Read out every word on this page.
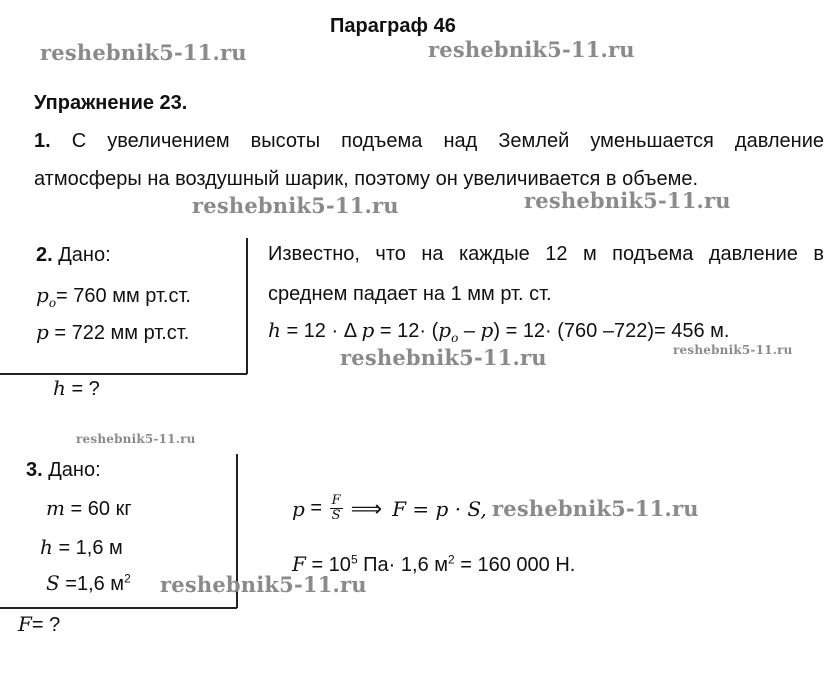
Параграф 46
Упражнение 23.
1. С увеличением высоты подъема над Землей уменьшается давление
атмосферы на воздушный шарик, поэтому он увеличивается в объеме.
2. Дано:
$p_o= 760$ мм рт.ст.
p = 722 мм рт.ст.
h = ?
Известно, что на каждые 12 м подъема давление в
среднем падает на 1 мм рт. ст.
h = 12 · Δ $p = 12\cdot (p_o - p) = 12\cdot (760$ –722)= 456 м.
3. Дано:
m = 60 кг
h = 1,6 м
S =1,6 $м^2$
F= ?
$p = \frac{F}{S}$ ⟹ F = p · S,
$F = 10^5$ Па· 1,6 $м^2 = 160$ 000 Н.
reshebnik5-11.ru	reshebnik5-11.ru
reshebnik5-11.ru	reshebnik5-11.ru
reshebnik5-11.ru	reshebnik5-11.ru
reshebnik5-11.ru
reshebnik5-11.ru
reshebnik5-11.ru
